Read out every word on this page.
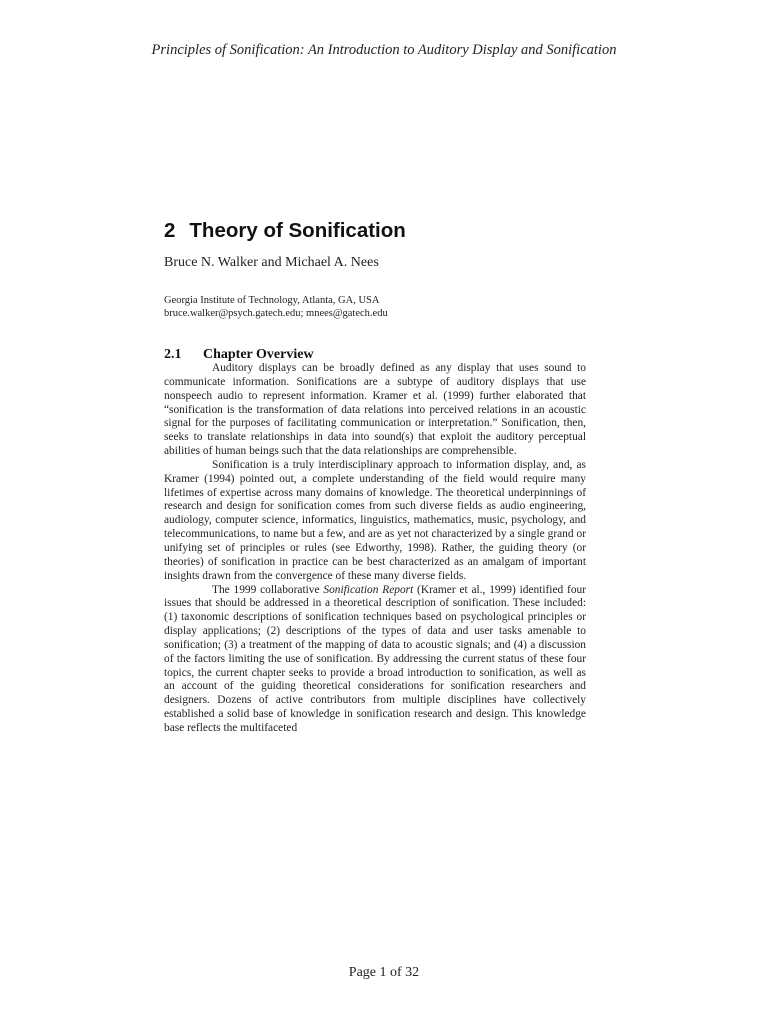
Principles of Sonification: An Introduction to Auditory Display and Sonification
2 Theory of Sonification
Bruce N. Walker and Michael A. Nees
Georgia Institute of Technology, Atlanta, GA, USA
bruce.walker@psych.gatech.edu; mnees@gatech.edu
2.1 Chapter Overview

Auditory displays can be broadly defined as any display that uses sound to communicate information. Sonifications are a subtype of auditory displays that use nonspeech audio to represent information. Kramer et al. (1999) further elaborated that “sonification is the transformation of data relations into perceived relations in an acoustic signal for the purposes of facilitating communication or interpretation.” Sonification, then, seeks to translate relationships in data into sound(s) that exploit the auditory perceptual abilities of human beings such that the data relationships are comprehensible.

Sonification is a truly interdisciplinary approach to information display, and, as Kramer (1994) pointed out, a complete understanding of the field would require many lifetimes of expertise across many domains of knowledge. The theoretical underpinnings of research and design for sonification comes from such diverse fields as audio engineering, audiology, computer science, informatics, linguistics, mathematics, music, psychology, and telecommunications, to name but a few, and are as yet not characterized by a single grand or unifying set of principles or rules (see Edworthy, 1998). Rather, the guiding theory (or theories) of sonification in practice can be best characterized as an amalgam of important insights drawn from the convergence of these many diverse fields.

The 1999 collaborative Sonification Report (Kramer et al., 1999) identified four issues that should be addressed in a theoretical description of sonification. These included: (1) taxonomic descriptions of sonification techniques based on psychological principles or display applications; (2) descriptions of the types of data and user tasks amenable to sonification; (3) a treatment of the mapping of data to acoustic signals; and (4) a discussion of the factors limiting the use of sonification. By addressing the current status of these four topics, the current chapter seeks to provide a broad introduction to sonification, as well as an account of the guiding theoretical considerations for sonification researchers and designers. Dozens of active contributors from multiple disciplines have collectively established a solid base of knowledge in sonification research and design. This knowledge base reflects the multifaceted

Page 1 of 32
